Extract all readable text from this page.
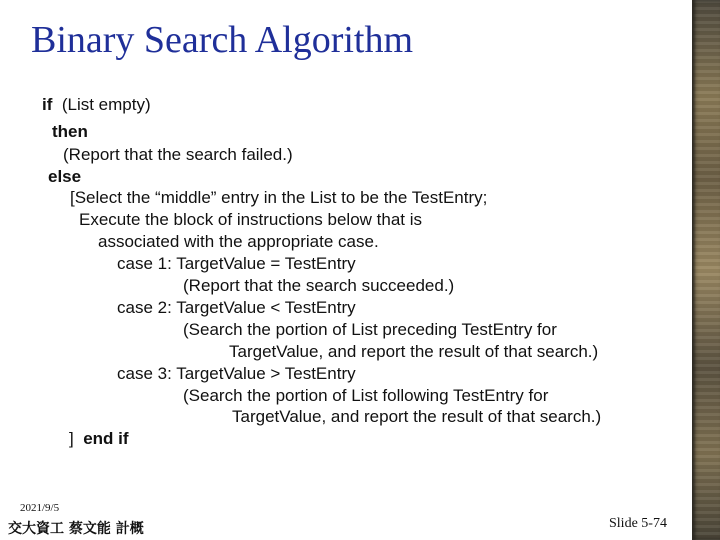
Binary Search Algorithm
if (List empty)
then
(Report that the search failed.)
else
[Select the “middle” entry in the List to be the TestEntry;
Execute the block of instructions below that is
associated with the appropriate case.
case 1: TargetValue = TestEntry
(Report that the search succeeded.)
case 2: TargetValue < TestEntry
(Search the portion of List preceding TestEntry for
TargetValue, and report the result of that search.)
case 3: TargetValue > TestEntry
(Search the portion of List following TestEntry for
TargetValue, and report the result of that search.)
] end if
2021/9/5
交大資工 蔡文能 計概	Slide 5-74
